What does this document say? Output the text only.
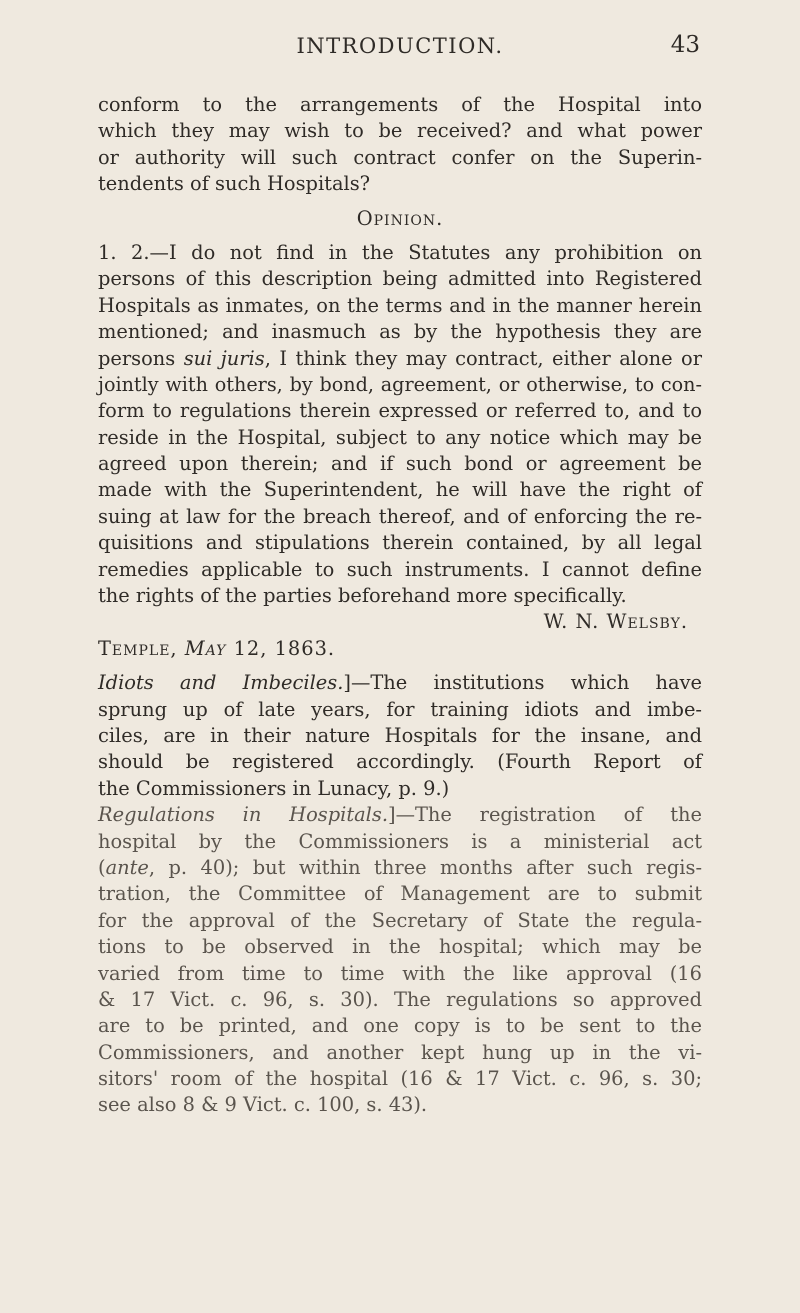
INTRODUCTION.	43
conform to the arrangements of the Hospital into
which they may wish to be received? and what power
or authority will such contract confer on the Superin-
tendents of such Hospitals?
Opinion.
1. 2.—I do not find in the Statutes any prohibition on
persons of this description being admitted into Registered
Hospitals as inmates, on the terms and in the manner herein
mentioned; and inasmuch as by the hypothesis they are
persons sui juris, I think they may contract, either alone or
jointly with others, by bond, agreement, or otherwise, to con-
form to regulations therein expressed or referred to, and to
reside in the Hospital, subject to any notice which may be
agreed upon therein; and if such bond or agreement be
made with the Superintendent, he will have the right of
suing at law for the breach thereof, and of enforcing the re-
quisitions and stipulations therein contained, by all legal
remedies applicable to such instruments. I cannot define
the rights of the parties beforehand more specifically.
W. N. Welsby.
Temple, May 12, 1863.
Idiots and Imbeciles.]—The institutions which have
sprung up of late years, for training idiots and imbe-
ciles, are in their nature Hospitals for the insane, and
should be registered accordingly. (Fourth Report of
the Commissioners in Lunacy, p. 9.)
Regulations in Hospitals.]—The registration of the
hospital by the Commissioners is a ministerial act
(ante, p. 40); but within three months after such regis-
tration, the Committee of Management are to submit
for the approval of the Secretary of State the regula-
tions to be observed in the hospital; which may be
varied from time to time with the like approval (16
& 17 Vict. c. 96, s. 30). The regulations so approved
are to be printed, and one copy is to be sent to the
Commissioners, and another kept hung up in the vi-
sitors' room of the hospital (16 & 17 Vict. c. 96, s. 30;
see also 8 & 9 Vict. c. 100, s. 43).
